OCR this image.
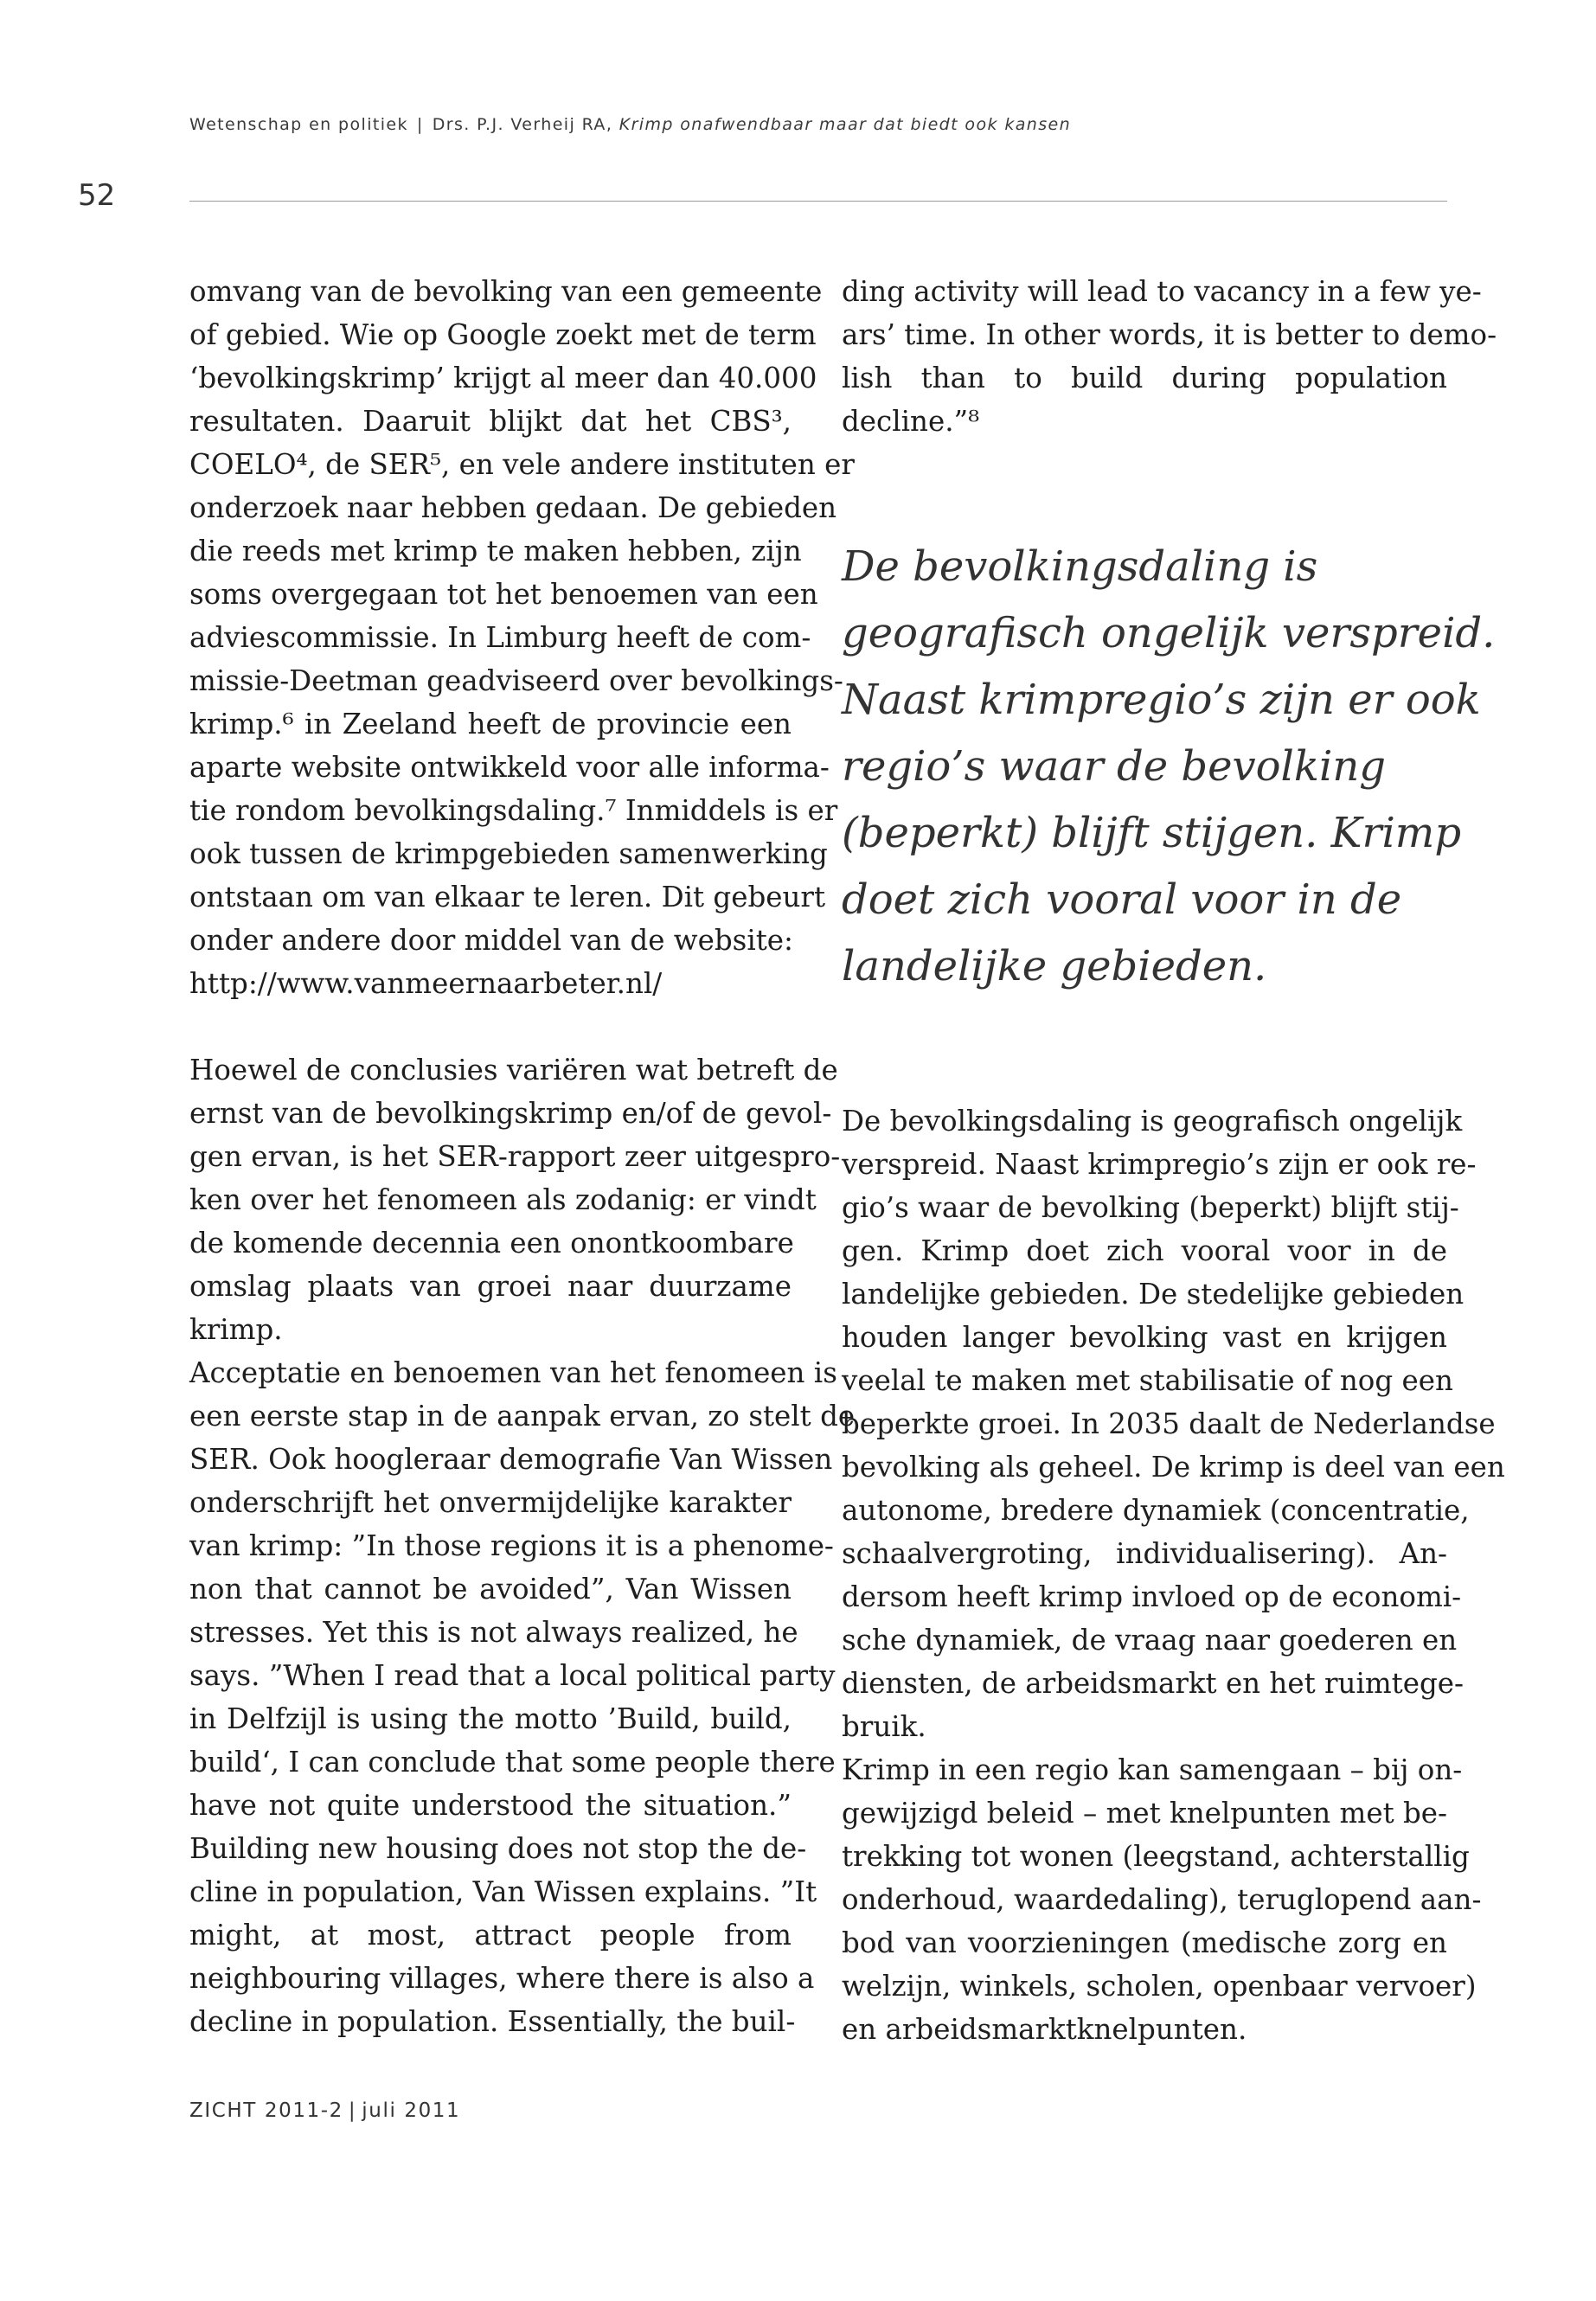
Wetenschap en politiek | Drs. P.J. Verheij RA, Krimp onafwendbaar maar dat biedt ook kansen
52
omvang van de bevolking van een gemeente
of gebied. Wie op Google zoekt met de term
‘bevolkingskrimp’ krijgt al meer dan 40.000
resultaten. Daaruit blijkt dat het CBS³,
COELO⁴, de SER⁵, en vele andere instituten er
onderzoek naar hebben gedaan. De gebieden
die reeds met krimp te maken hebben, zijn
soms overgegaan tot het benoemen van een
adviescommissie. In Limburg heeft de com-
missie-Deetman geadviseerd over bevolkings-
krimp.⁶ in Zeeland heeft de provincie een
aparte website ontwikkeld voor alle informa-
tie rondom bevolkingsdaling.⁷ Inmiddels is er
ook tussen de krimpgebieden samenwerking
ontstaan om van elkaar te leren. Dit gebeurt
onder andere door middel van de website:
http://www.vanmeernaarbeter.nl/
Hoewel de conclusies variëren wat betreft de
ernst van de bevolkingskrimp en/of de gevol-
gen ervan, is het SER-rapport zeer uitgespro-
ken over het fenomeen als zodanig: er vindt
de komende decennia een onontkoombare
omslag plaats van groei naar duurzame
krimp.
Acceptatie en benoemen van het fenomeen is
een eerste stap in de aanpak ervan, zo stelt de
SER. Ook hoogleraar demografie Van Wissen
onderschrijft het onvermijdelijke karakter
van krimp: ”In those regions it is a phenome-
non that cannot be avoided”, Van Wissen
stresses. Yet this is not always realized, he
says. ”When I read that a local political party
in Delfzijl is using the motto ’Build, build,
build‘, I can conclude that some people there
have not quite understood the situation.”
Building new housing does not stop the de-
cline in population, Van Wissen explains. ”It
might, at most, attract people from
neighbouring villages, where there is also a
decline in population. Essentially, the buil-
ding activity will lead to vacancy in a few ye-
ars’ time. In other words, it is better to demo-
lish than to build during population
decline.”⁸
De bevolkingsdaling is
geografisch ongelijk verspreid.
Naast krimpregio’s zijn er ook
regio’s waar de bevolking
(beperkt) blijft stijgen. Krimp
doet zich vooral voor in de
landelijke gebieden.
De bevolkingsdaling is geografisch ongelijk
verspreid. Naast krimpregio’s zijn er ook re-
gio’s waar de bevolking (beperkt) blijft stij-
gen. Krimp doet zich vooral voor in de
landelijke gebieden. De stedelijke gebieden
houden langer bevolking vast en krijgen
veelal te maken met stabilisatie of nog een
beperkte groei. In 2035 daalt de Nederlandse
bevolking als geheel. De krimp is deel van een
autonome, bredere dynamiek (concentratie,
schaalvergroting, individualisering). An-
dersom heeft krimp invloed op de economi-
sche dynamiek, de vraag naar goederen en
diensten, de arbeidsmarkt en het ruimtege-
bruik.
Krimp in een regio kan samengaan – bij on-
gewijzigd beleid – met knelpunten met be-
trekking tot wonen (leegstand, achterstallig
onderhoud, waardedaling), teruglopend aan-
bod van voorzieningen (medische zorg en
welzijn, winkels, scholen, openbaar vervoer)
en arbeidsmarktknelpunten.
ZICHT 2011-2 | juli 2011
